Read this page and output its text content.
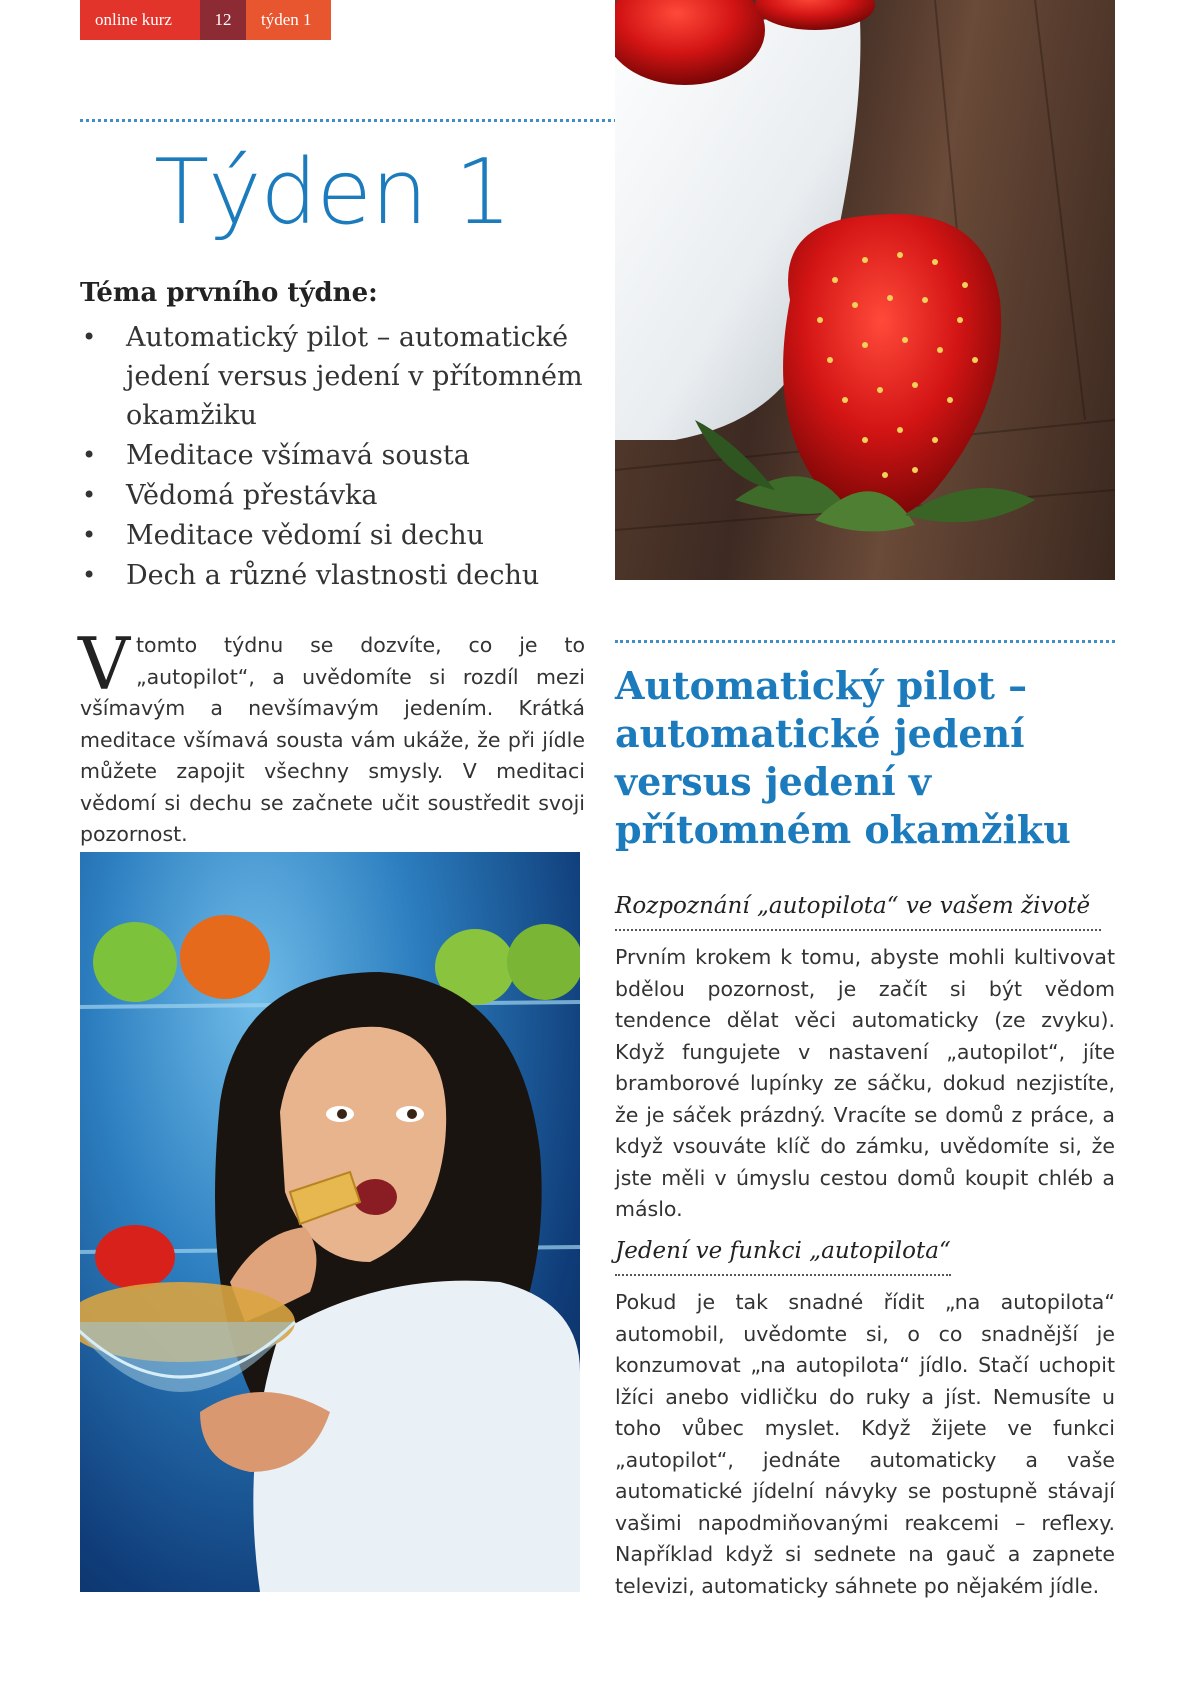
online kurz	12	týden 1
Týden 1
Téma prvního týdne:
• Automatický pilot – automatické jedení versus jedení v přítomném okamžiku
• Meditace všímavá sousta
• Vědomá přestávka
• Meditace vědomí si dechu
• Dech a různé vlastnosti dechu
V tomto týdnu se dozvíte, co je to „autopilot“, a uvědomíte si rozdíl mezi všímavým a nevšímavým jedením. Krátká meditace všímavá sousta vám ukáže, že při jídle můžete zapojit všechny smysly. V meditaci vědomí si dechu se začnete učit soustředit svoji pozornost.
Automatický pilot – automatické jedení versus jedení v přítomném okamžiku
Rozpoznání „autopilota“ ve vašem životě

Prvním krokem k tomu, abyste mohli kultivovat bdělou pozornost, je začít si být vědom tendence dělat věci automaticky (ze zvyku). Když fungujete v nastavení „autopilot“, jíte bramborové lupínky ze sáčku, dokud nezjistíte, že je sáček prázdný. Vracíte se domů z práce, a když vsouváte klíč do zámku, uvědomíte si, že jste měli v úmyslu cestou domů koupit chléb a máslo.

Jedení ve funkci „autopilota“

Pokud je tak snadné řídit „na autopilota“ automobil, uvědomte si, o co snadnější je konzumovat „na autopilota“ jídlo. Stačí uchopit lžíci anebo vidličku do ruky a jíst. Nemusíte u toho vůbec myslet. Když žijete ve funkci „autopilot“, jednáte automaticky a vaše automatické jídelní návyky se postupně stávají vašimi napodmiňovanými reakcemi – reflexy. Například když si sednete na gauč a zapnete televizi, automaticky sáhnete po nějakém jídle.
